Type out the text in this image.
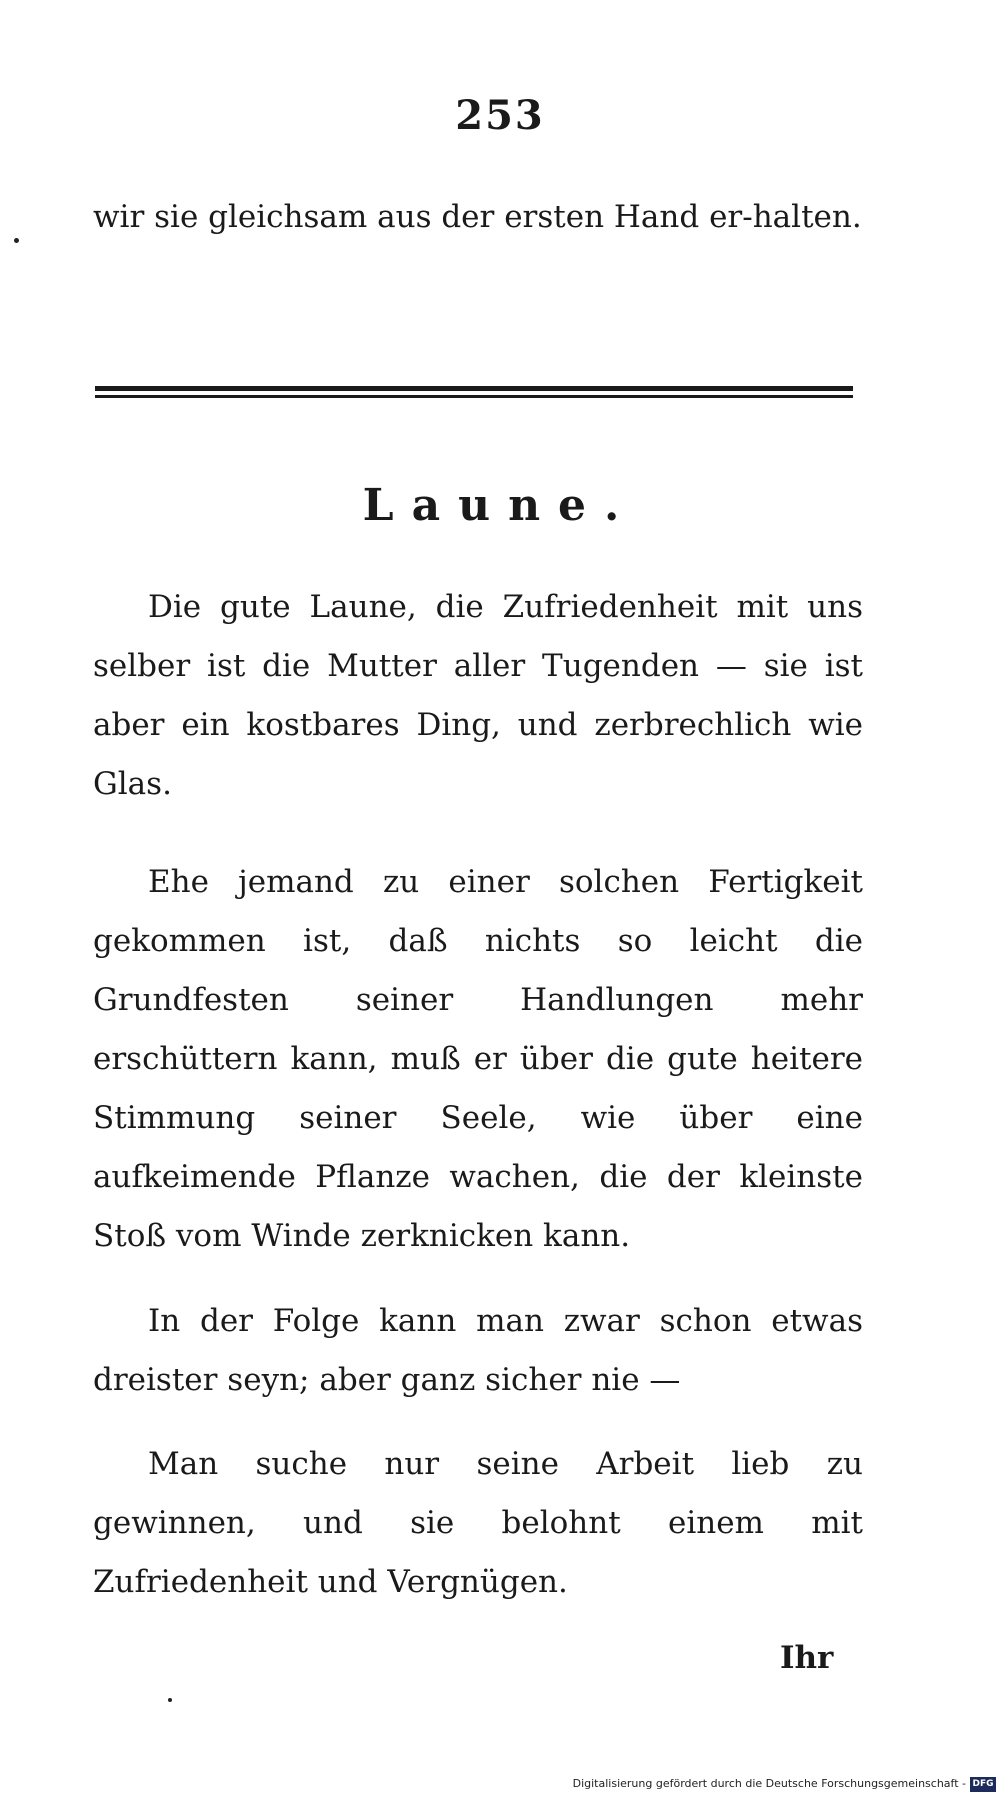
253

wir sie gleichsam aus der ersten Hand er-halten.

Laune.

Die gute Laune, die Zufriedenheit mit uns selber ist die Mutter aller Tugenden — sie ist aber ein kostbares Ding, und zerbrechlich wie Glas.

Ehe jemand zu einer solchen Fertigkeit gekommen ist, daß nichts so leicht die Grundfesten seiner Handlungen mehr erschüttern kann, muß er über die gute heitere Stimmung seiner Seele, wie über eine aufkeimende Pflanze wachen, die der kleinste Stoß vom Winde zerknicken kann.

In der Folge kann man zwar schon etwas dreister seyn; aber ganz sicher nie —

Man suche nur seine Arbeit lieb zu gewinnen, und sie belohnt einem mit Zufriedenheit und Vergnügen.

Ihr
Digitalisierung gefördert durch die Deutsche Forschungsgemeinschaft - DFG
